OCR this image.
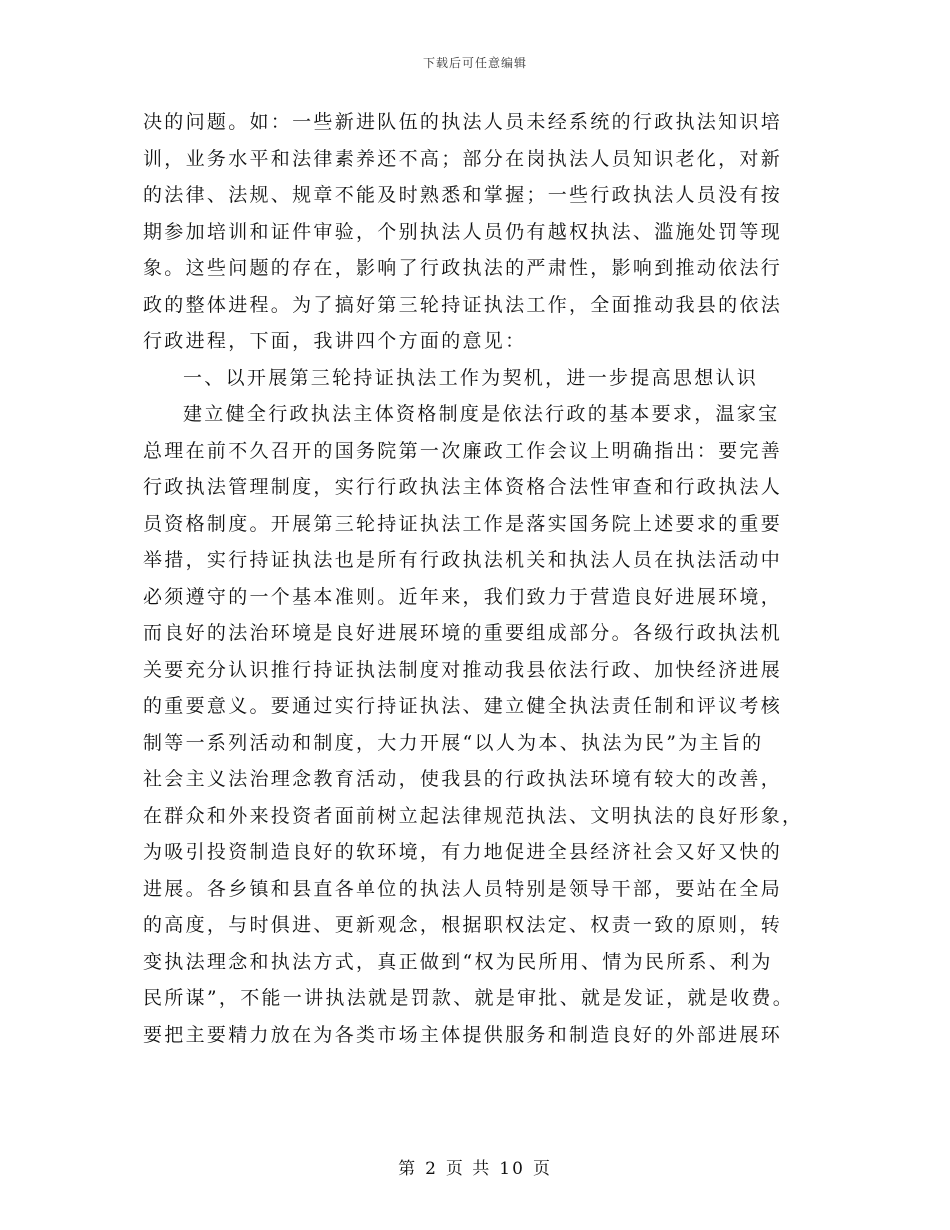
下载后可任意编辑
决的问题。如：一些新进队伍的执法人员未经系统的行政执法知识培
训，业务水平和法律素养还不高；部分在岗执法人员知识老化，对新
的法律、法规、规章不能及时熟悉和掌握；一些行政执法人员没有按
期参加培训和证件审验，个别执法人员仍有越权执法、滥施处罚等现
象。这些问题的存在，影响了行政执法的严肃性，影响到推动依法行
政的整体进程。为了搞好第三轮持证执法工作，全面推动我县的依法
行政进程，下面，我讲四个方面的意见：
一、以开展第三轮持证执法工作为契机，进一步提高思想认识
建立健全行政执法主体资格制度是依法行政的基本要求，温家宝
总理在前不久召开的国务院第一次廉政工作会议上明确指出：要完善
行政执法管理制度，实行行政执法主体资格合法性审查和行政执法人
员资格制度。开展第三轮持证执法工作是落实国务院上述要求的重要
举措，实行持证执法也是所有行政执法机关和执法人员在执法活动中
必须遵守的一个基本准则。近年来，我们致力于营造良好进展环境，
而良好的法治环境是良好进展环境的重要组成部分。各级行政执法机
关要充分认识推行持证执法制度对推动我县依法行政、加快经济进展
的重要意义。要通过实行持证执法、建立健全执法责任制和评议考核
制等一系列活动和制度，大力开展“以人为本、执法为民”为主旨的
社会主义法治理念教育活动，使我县的行政执法环境有较大的改善，
在群众和外来投资者面前树立起法律规范执法、文明执法的良好形象，
为吸引投资制造良好的软环境，有力地促进全县经济社会又好又快的
进展。各乡镇和县直各单位的执法人员特别是领导干部，要站在全局
的高度，与时俱进、更新观念，根据职权法定、权责一致的原则，转
变执法理念和执法方式，真正做到“权为民所用、情为民所系、利为
民所谋”，不能一讲执法就是罚款、就是审批、就是发证，就是收费。
要把主要精力放在为各类市场主体提供服务和制造良好的外部进展环
第 2 页 共 10 页
